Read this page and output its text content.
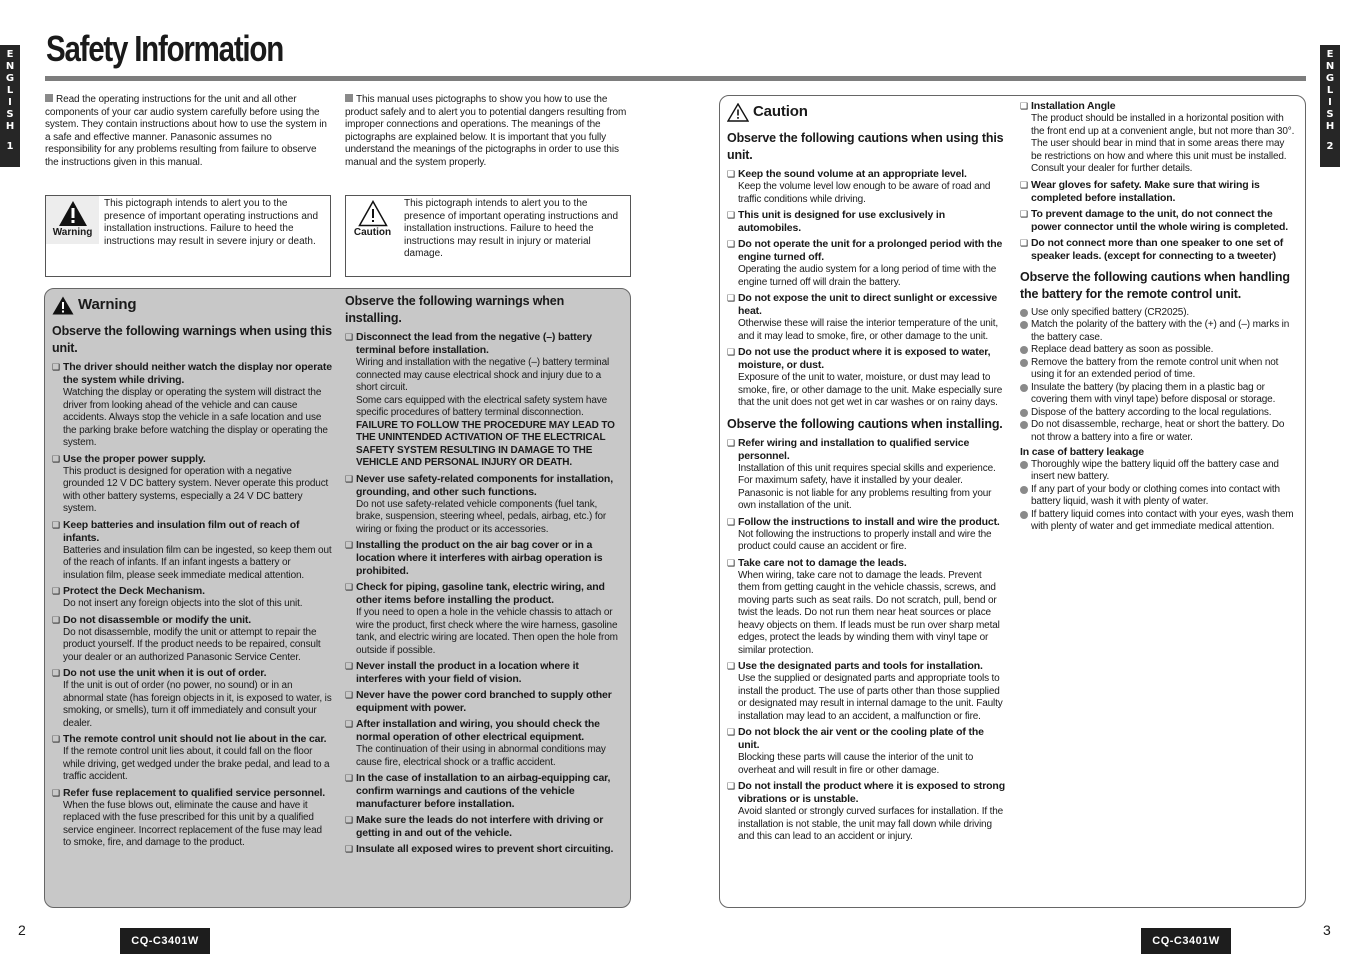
E
N
G
L
I
S
H
1
E
N
G
L
I
S
H
2
Safety Information
Read the operating instructions for the unit and all other components of your car audio system carefully before using the system. They contain instructions about how to use the system in a safe and effective manner. Panasonic assumes no responsibility for any problems resulting from failure to observe the instructions given in this manual.
This manual uses pictographs to show you how to use the product safely and to alert you to potential dangers resulting from improper connections and operations. The meanings of the pictographs are explained below. It is important that you fully understand the meanings of the pictographs in order to use this manual and the system properly.
Warning
This pictograph intends to alert you to the presence of important operating instructions and installation instructions. Failure to heed the instructions may result in severe injury or death.
Caution
This pictograph intends to alert you to the presence of important operating instructions and installation instructions. Failure to heed the instructions may result in injury or material damage.
Warning
Observe the following warnings when using this unit.
❑ The driver should neither watch the display nor operate the system while driving.
Watching the display or operating the system will distract the driver from looking ahead of the vehicle and can cause accidents. Always stop the vehicle in a safe location and use the parking brake before watching the display or operating the system.
❑ Use the proper power supply.
This product is designed for operation with a negative grounded 12 V DC battery system. Never operate this product with other battery systems, especially a 24 V DC battery system.
❑ Keep batteries and insulation film out of reach of infants.
Batteries and insulation film can be ingested, so keep them out of the reach of infants. If an infant ingests a battery or insulation film, please seek immediate medical attention.
❑ Protect the Deck Mechanism.
Do not insert any foreign objects into the slot of this unit.
❑ Do not disassemble or modify the unit.
Do not disassemble, modify the unit or attempt to repair the product yourself. If the product needs to be repaired, consult your dealer or an authorized Panasonic Service Center.
❑ Do not use the unit when it is out of order.
If the unit is out of order (no power, no sound) or in an abnormal state (has foreign objects in it, is exposed to water, is smoking, or smells), turn it off immediately and consult your dealer.
❑ The remote control unit should not lie about in the car.
If the remote control unit lies about, it could fall on the floor while driving, get wedged under the brake pedal, and lead to a traffic accident.
❑ Refer fuse replacement to qualified service personnel.
When the fuse blows out, eliminate the cause and have it replaced with the fuse prescribed for this unit by a qualified service engineer. Incorrect replacement of the fuse may lead to smoke, fire, and damage to the product.
Observe the following warnings when installing.
❑ Disconnect the lead from the negative (–) battery terminal before installation.
Wiring and installation with the negative (–) battery terminal connected may cause electrical shock and injury due to a short circuit.
Some cars equipped with the electrical safety system have specific procedures of battery terminal disconnection.
FAILURE TO FOLLOW THE PROCEDURE MAY LEAD TO THE UNINTENDED ACTIVATION OF THE ELECTRICAL SAFETY SYSTEM RESULTING IN DAMAGE TO THE VEHICLE AND PERSONAL INJURY OR DEATH.
❑ Never use safety-related components for installation, grounding, and other such functions.
Do not use safety-related vehicle components (fuel tank, brake, suspension, steering wheel, pedals, airbag, etc.) for wiring or fixing the product or its accessories.
❑ Installing the product on the air bag cover or in a location where it interferes with airbag operation is prohibited.
❑ Check for piping, gasoline tank, electric wiring, and other items before installing the product.
If you need to open a hole in the vehicle chassis to attach or wire the product, first check where the wire harness, gasoline tank, and electric wiring are located. Then open the hole from outside if possible.
❑ Never install the product in a location where it interferes with your field of vision.
❑ Never have the power cord branched to supply other equipment with power.
❑ After installation and wiring, you should check the normal operation of other electrical equipment.
The continuation of their using in abnormal conditions may cause fire, electrical shock or a traffic accident.
❑ In the case of installation to an airbag-equipping car, confirm warnings and cautions of the vehicle manufacturer before installation.
❑ Make sure the leads do not interfere with driving or getting in and out of the vehicle.
❑ Insulate all exposed wires to prevent short circuiting.
Caution
Observe the following cautions when using this unit.
❑ Keep the sound volume at an appropriate level.
Keep the volume level low enough to be aware of road and traffic conditions while driving.
❑ This unit is designed for use exclusively in automobiles.
❑ Do not operate the unit for a prolonged period with the engine turned off.
Operating the audio system for a long period of time with the engine turned off will drain the battery.
❑ Do not expose the unit to direct sunlight or excessive heat.
Otherwise these will raise the interior temperature of the unit, and it may lead to smoke, fire, or other damage to the unit.
❑ Do not use the product where it is exposed to water, moisture, or dust.
Exposure of the unit to water, moisture, or dust may lead to smoke, fire, or other damage to the unit. Make especially sure that the unit does not get wet in car washes or on rainy days.
Observe the following cautions when installing.
❑ Refer wiring and installation to qualified service personnel.
Installation of this unit requires special skills and experience. For maximum safety, have it installed by your dealer. Panasonic is not liable for any problems resulting from your own installation of the unit.
❑ Follow the instructions to install and wire the product.
Not following the instructions to properly install and wire the product could cause an accident or fire.
❑ Take care not to damage the leads.
When wiring, take care not to damage the leads. Prevent them from getting caught in the vehicle chassis, screws, and moving parts such as seat rails. Do not scratch, pull, bend or twist the leads. Do not run them near heat sources or place heavy objects on them. If leads must be run over sharp metal edges, protect the leads by winding them with vinyl tape or similar protection.
❑ Use the designated parts and tools for installation.
Use the supplied or designated parts and appropriate tools to install the product. The use of parts other than those supplied or designated may result in internal damage to the unit. Faulty installation may lead to an accident, a malfunction or fire.
❑ Do not block the air vent or the cooling plate of the unit.
Blocking these parts will cause the interior of the unit to overheat and will result in fire or other damage.
❑ Do not install the product where it is exposed to strong vibrations or is unstable.
Avoid slanted or strongly curved surfaces for installation. If the installation is not stable, the unit may fall down while driving and this can lead to an accident or injury.
❑ Installation Angle
The product should be installed in a horizontal position with the front end up at a convenient angle, but not more than 30°.
The user should bear in mind that in some areas there may be restrictions on how and where this unit must be installed. Consult your dealer for further details.
❑ Wear gloves for safety. Make sure that wiring is completed before installation.
❑ To prevent damage to the unit, do not connect the power connector until the whole wiring is completed.
❑ Do not connect more than one speaker to one set of speaker leads. (except for connecting to a tweeter)
Observe the following cautions when handling the battery for the remote control unit.
Use only specified battery (CR2025).
Match the polarity of the battery with the (+) and (–) marks in the battery case.
Replace dead battery as soon as possible.
Remove the battery from the remote control unit when not using it for an extended period of time.
Insulate the battery (by placing them in a plastic bag or covering them with vinyl tape) before disposal or storage.
Dispose of the battery according to the local regulations.
Do not disassemble, recharge, heat or short the battery. Do not throw a battery into a fire or water.
In case of battery leakage
Thoroughly wipe the battery liquid off the battery case and insert new battery.
If any part of your body or clothing comes into contact with battery liquid, wash it with plenty of water.
If battery liquid comes into contact with your eyes, wash them with plenty of water and get immediate medical attention.
2
CQ-C3401W	CQ-C3401W
3
